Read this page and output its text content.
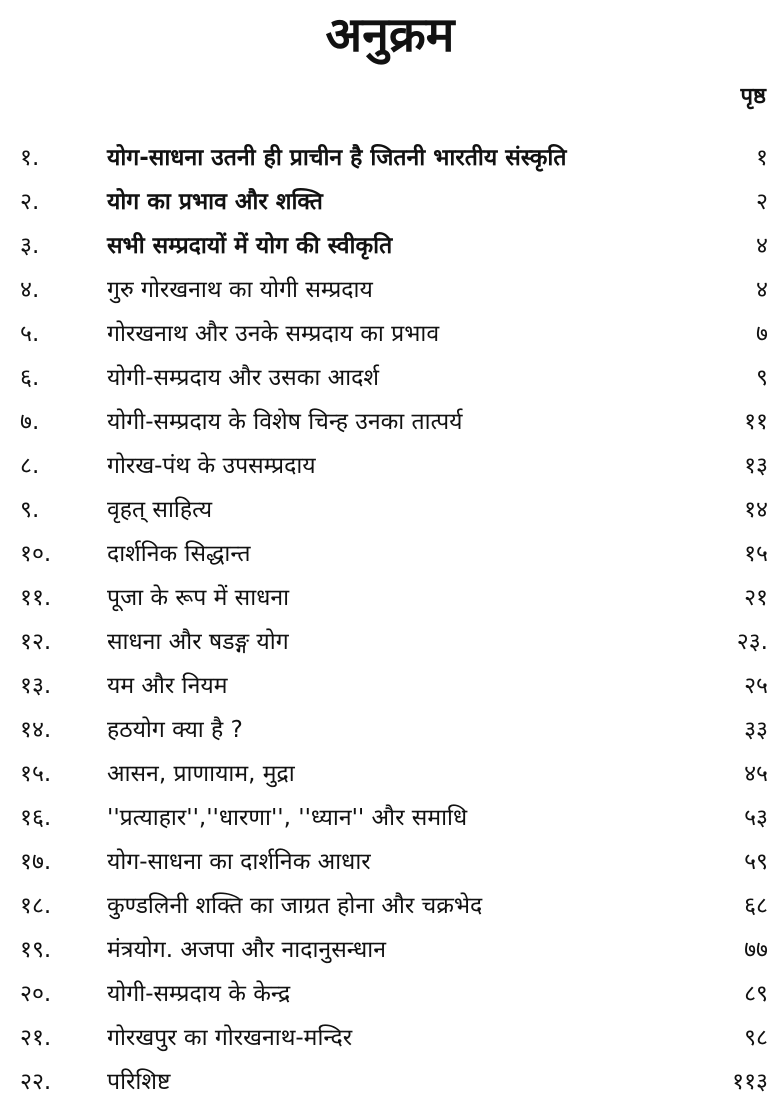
अनुक्रम
पृष्ठ
१.	योग-साधना उतनी ही प्राचीन है जितनी भारतीय संस्कृति	१
२.	योग का प्रभाव और शक्ति	२
३.	सभी सम्प्रदायों में योग की स्वीकृति	४
४.	गुरु गोरखनाथ का योगी सम्प्रदाय	४
५.	गोरखनाथ और उनके सम्प्रदाय का प्रभाव	७
६.	योगी-सम्प्रदाय और उसका आदर्श	९
७.	योगी-सम्प्रदाय के विशेष चिन्ह उनका तात्पर्य	११
८.	गोरख-पंथ के उपसम्प्रदाय	१३
९.	वृहत् साहित्य	१४
१०.	दार्शनिक सिद्धान्त	१५
११.	पूजा के रूप में साधना	२१
१२.	साधना और षडङ्ग योग	२३.
१३.	यम और नियम	२५
१४.	हठयोग क्या है ?	३३
१५.	आसन, प्राणायाम, मुद्रा	४५
१६.	''प्रत्याहार'',''धारणा'', ''ध्यान'' और समाधि	५३
१७.	योग-साधना का दार्शनिक आधार	५९
१८.	कुण्डलिनी शक्ति का जाग्रत होना और चक्रभेद	६८
१९.	मंत्रयोग. अजपा और नादानुसन्धान	७७
२०.	योगी-सम्प्रदाय के केन्द्र	८९
२१.	गोरखपुर का गोरखनाथ-मन्दिर	९८
२२.	परिशिष्ट	११३
